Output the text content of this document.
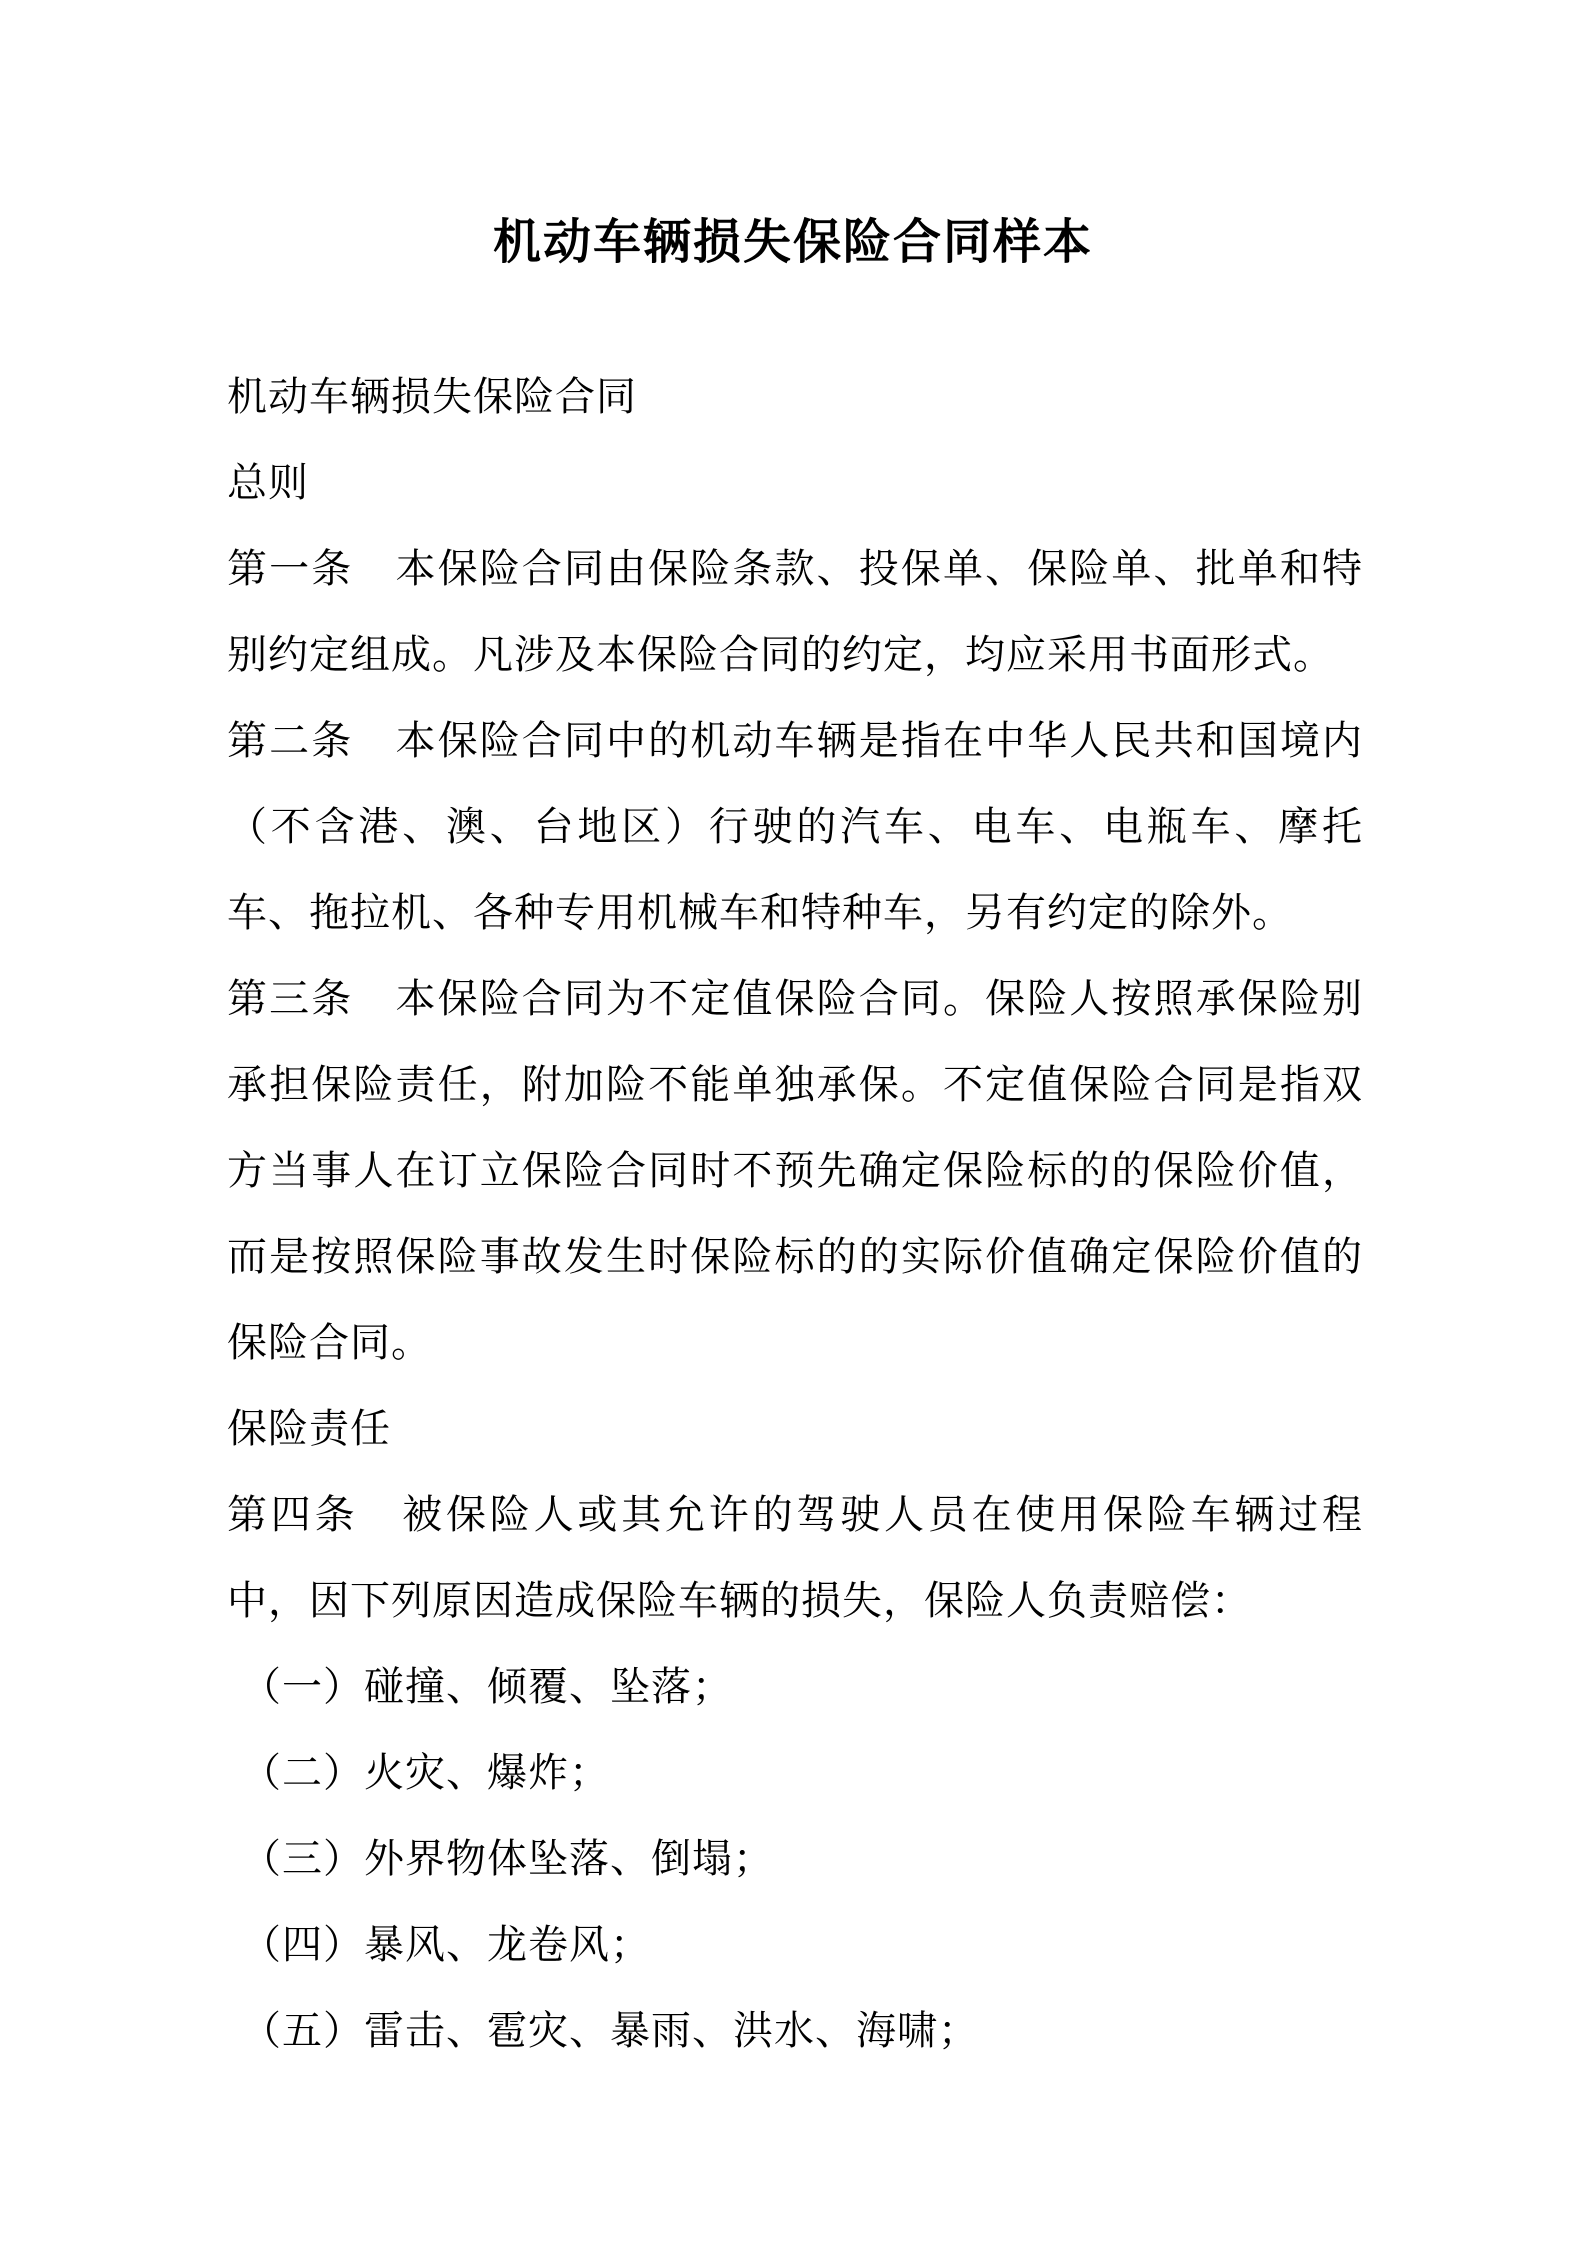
机动车辆损失保险合同样本

机动车辆损失保险合同

总则

第一条　本保险合同由保险条款、投保单、保险单、批单和特别约定组成。凡涉及本保险合同的约定，均应采用书面形式。

第二条　本保险合同中的机动车辆是指在中华人民共和国境内（不含港、澳、台地区）行驶的汽车、电车、电瓶车、摩托车、拖拉机、各种专用机械车和特种车，另有约定的除外。

第三条　本保险合同为不定值保险合同。保险人按照承保险别承担保险责任，附加险不能单独承保。不定值保险合同是指双方当事人在订立保险合同时不预先确定保险标的的保险价值，而是按照保险事故发生时保险标的的实际价值确定保险价值的保险合同。

保险责任

第四条　被保险人或其允许的驾驶人员在使用保险车辆过程中，因下列原因造成保险车辆的损失，保险人负责赔偿：

（一）碰撞、倾覆、坠落；

（二）火灾、爆炸；

（三）外界物体坠落、倒塌；

（四）暴风、龙卷风；

（五）雷击、雹灾、暴雨、洪水、海啸；
